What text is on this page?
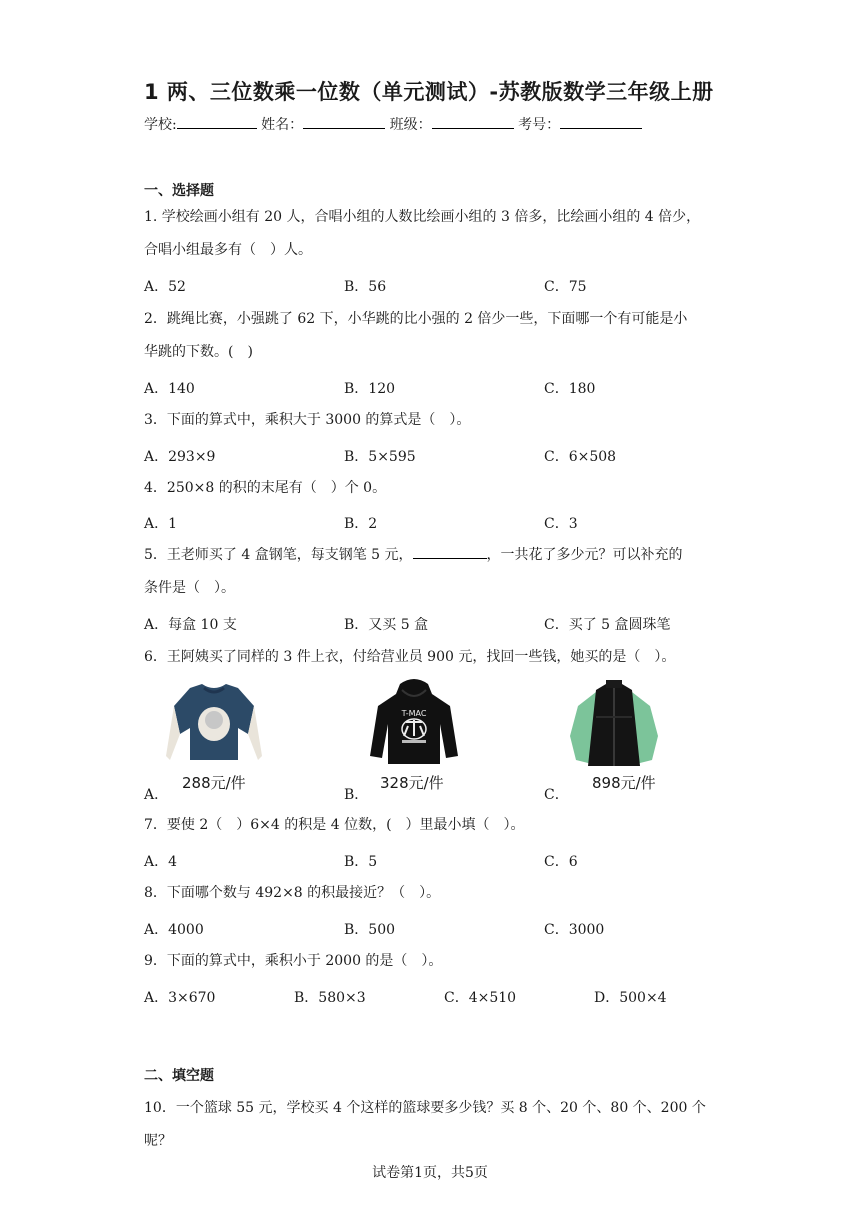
1 两、三位数乘一位数（单元测试）-苏教版数学三年级上册
学校:	姓名：	班级：	考号：
一、选择题
1. 学校绘画小组有 20 人，合唱小组的人数比绘画小组的 3 倍多，比绘画小组的 4 倍少，
合唱小组最多有（　）人。
A．52	B．56	C．75
2．跳绳比赛，小强跳了 62 下，小华跳的比小强的 2 倍少一些，下面哪一个有可能是小
华跳的下数。(　)
A．140	B．120	C．180
3．下面的算式中，乘积大于 3000 的算式是（　）。
A．293×9	B．5×595	C．6×508
4．250×8 的积的末尾有（　）个 0。
A．1	B．2	C．3
5．王老师买了 4 盒钢笔，每支钢笔 5 元，	，一共花了多少元？可以补充的
条件是（　）。
A．每盒 10 支	B．又买 5 盒	C．买了 5 盒圆珠笔
6．王阿姨买了同样的 3 件上衣，付给营业员 900 元，找回一些钱，她买的是（　）。
288元/件
A．
T-MAC
328元/件
B．
898元/件
C．
7．要使 2（　）6×4 的积是 4 位数，(　）里最小填（　）。
A．4	B．5	C．6
8．下面哪个数与 492×8 的积最接近？（　）。
A．4000	B．500	C．3000
9．下面的算式中，乘积小于 2000 的是（　）。
A．3×670	B．580×3	C．4×510	D．500×4
二、填空题
10．一个篮球 55 元，学校买 4 个这样的篮球要多少钱？买 8 个、20 个、80 个、200 个
呢？
试卷第1页，共5页
